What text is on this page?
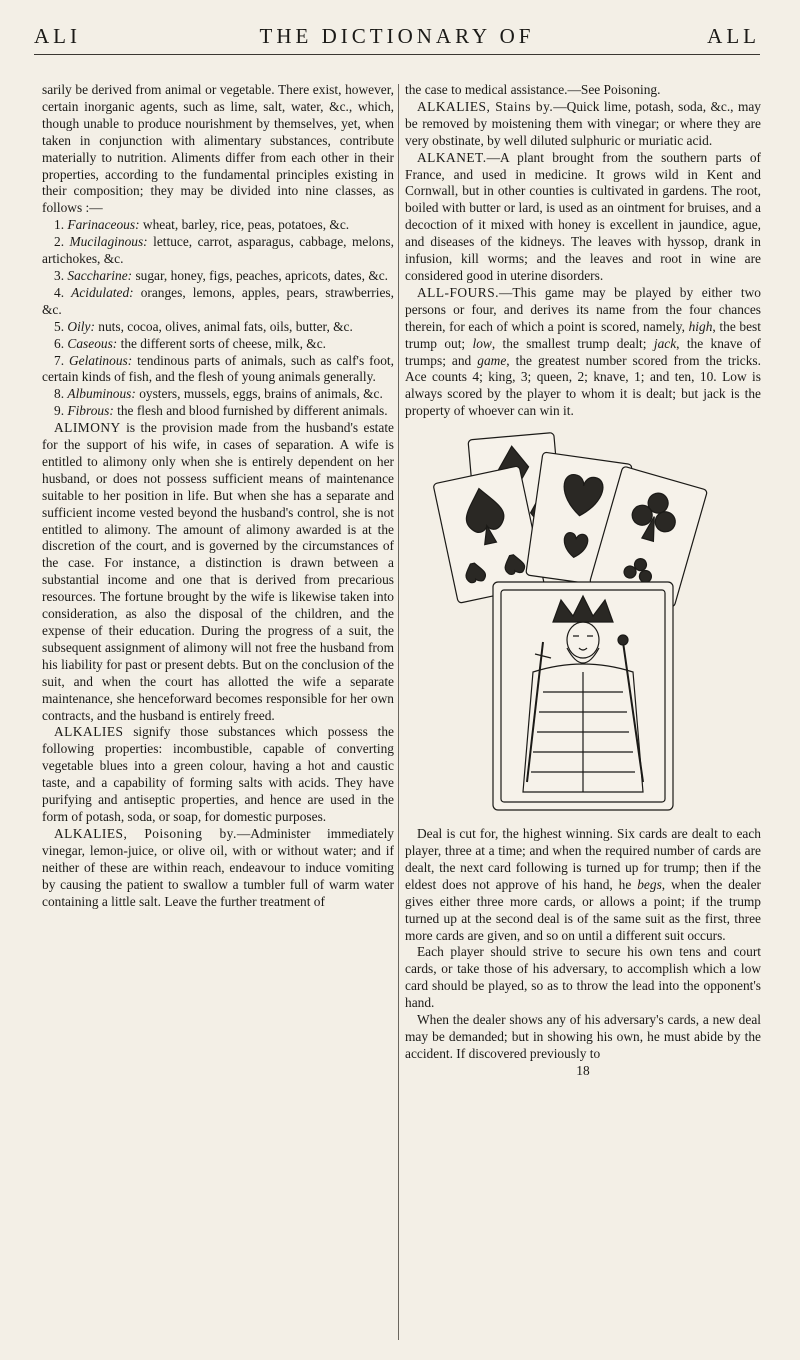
ALI	THE DICTIONARY OF	ALL

sarily be derived from animal or vegetable. There exist, however, certain inorganic agents, such as lime, salt, water, &c., which, though unable to produce nourishment by themselves, yet, when taken in conjunction with alimentary substances, contribute materially to nutrition. Aliments differ from each other in their properties, according to the fundamental principles existing in their composition; they may be divided into nine classes, as follows :—

1. Farinaceous: wheat, barley, rice, peas, potatoes, &c.
2. Mucilaginous: lettuce, carrot, asparagus, cabbage, melons, artichokes, &c.
3. Saccharine: sugar, honey, figs, peaches, apricots, dates, &c.
4. Acidulated: oranges, lemons, apples, pears, strawberries, &c.
5. Oily: nuts, cocoa, olives, animal fats, oils, butter, &c.
6. Caseous: the different sorts of cheese, milk, &c.
7. Gelatinous: tendinous parts of animals, such as calf's foot, certain kinds of fish, and the flesh of young animals generally.
8. Albuminous: oysters, mussels, eggs, brains of animals, &c.
9. Fibrous: the flesh and blood furnished by different animals.

ALIMONY is the provision made from the husband's estate for the support of his wife, in cases of separation. A wife is entitled to alimony only when she is entirely dependent on her husband, or does not possess sufficient means of maintenance suitable to her position in life. But when she has a separate and sufficient income vested beyond the husband's control, she is not entitled to alimony. The amount of alimony awarded is at the discretion of the court, and is governed by the circumstances of the case. For instance, a distinction is drawn between a substantial income and one that is derived from precarious resources. The fortune brought by the wife is likewise taken into consideration, as also the disposal of the children, and the expense of their education. During the progress of a suit, the subsequent assignment of alimony will not free the husband from his liability for past or present debts. But on the conclusion of the suit, and when the court has allotted the wife a separate maintenance, she henceforward becomes responsible for her own contracts, and the husband is entirely freed.

ALKALIES signify those substances which possess the following properties: incombustible, capable of converting vegetable blues into a green colour, having a hot and caustic taste, and a capability of forming salts with acids. They have purifying and antiseptic properties, and hence are used in the form of potash, soda, or soap, for domestic purposes.

ALKALIES, Poisoning by.—Administer immediately vinegar, lemon-juice, or olive oil, with or without water; and if neither of these are within reach, endeavour to induce vomiting by causing the patient to swallow a tumbler full of warm water containing a little salt. Leave the further treatment of

the case to medical assistance.—See Poisoning.

ALKALIES, Stains by.—Quick lime, potash, soda, &c., may be removed by moistening them with vinegar; or where they are very obstinate, by well diluted sulphuric or muriatic acid.

ALKANET.—A plant brought from the southern parts of France, and used in medicine. It grows wild in Kent and Cornwall, but in other counties is cultivated in gardens. The root, boiled with butter or lard, is used as an ointment for bruises, and a decoction of it mixed with honey is excellent in jaundice, ague, and diseases of the kidneys. The leaves with hyssop, drank in infusion, kill worms; and the leaves and root in wine are considered good in uterine disorders.

ALL-FOURS.—This game may be played by either two persons or four, and derives its name from the four chances therein, for each of which a point is scored, namely, high, the best trump out; low, the smallest trump dealt; jack, the knave of trumps; and game, the greatest number scored from the tricks. Ace counts 4; king, 3; queen, 2; knave, 1; and ten, 10. Low is always scored by the player to whom it is dealt; but jack is the property of whoever can win it.

Deal is cut for, the highest winning. Six cards are dealt to each player, three at a time; and when the required number of cards are dealt, the next card following is turned up for trump; then if the eldest does not approve of his hand, he begs, when the dealer gives either three more cards, or allows a point; if the trump turned up at the second deal is of the same suit as the first, three more cards are given, and so on until a different suit occurs.

Each player should strive to secure his own tens and court cards, or take those of his adversary, to accomplish which a low card should be played, so as to throw the lead into the opponent's hand.

When the dealer shows any of his adversary's cards, a new deal may be demanded; but in showing his own, he must abide by the accident. If discovered previously to

18
